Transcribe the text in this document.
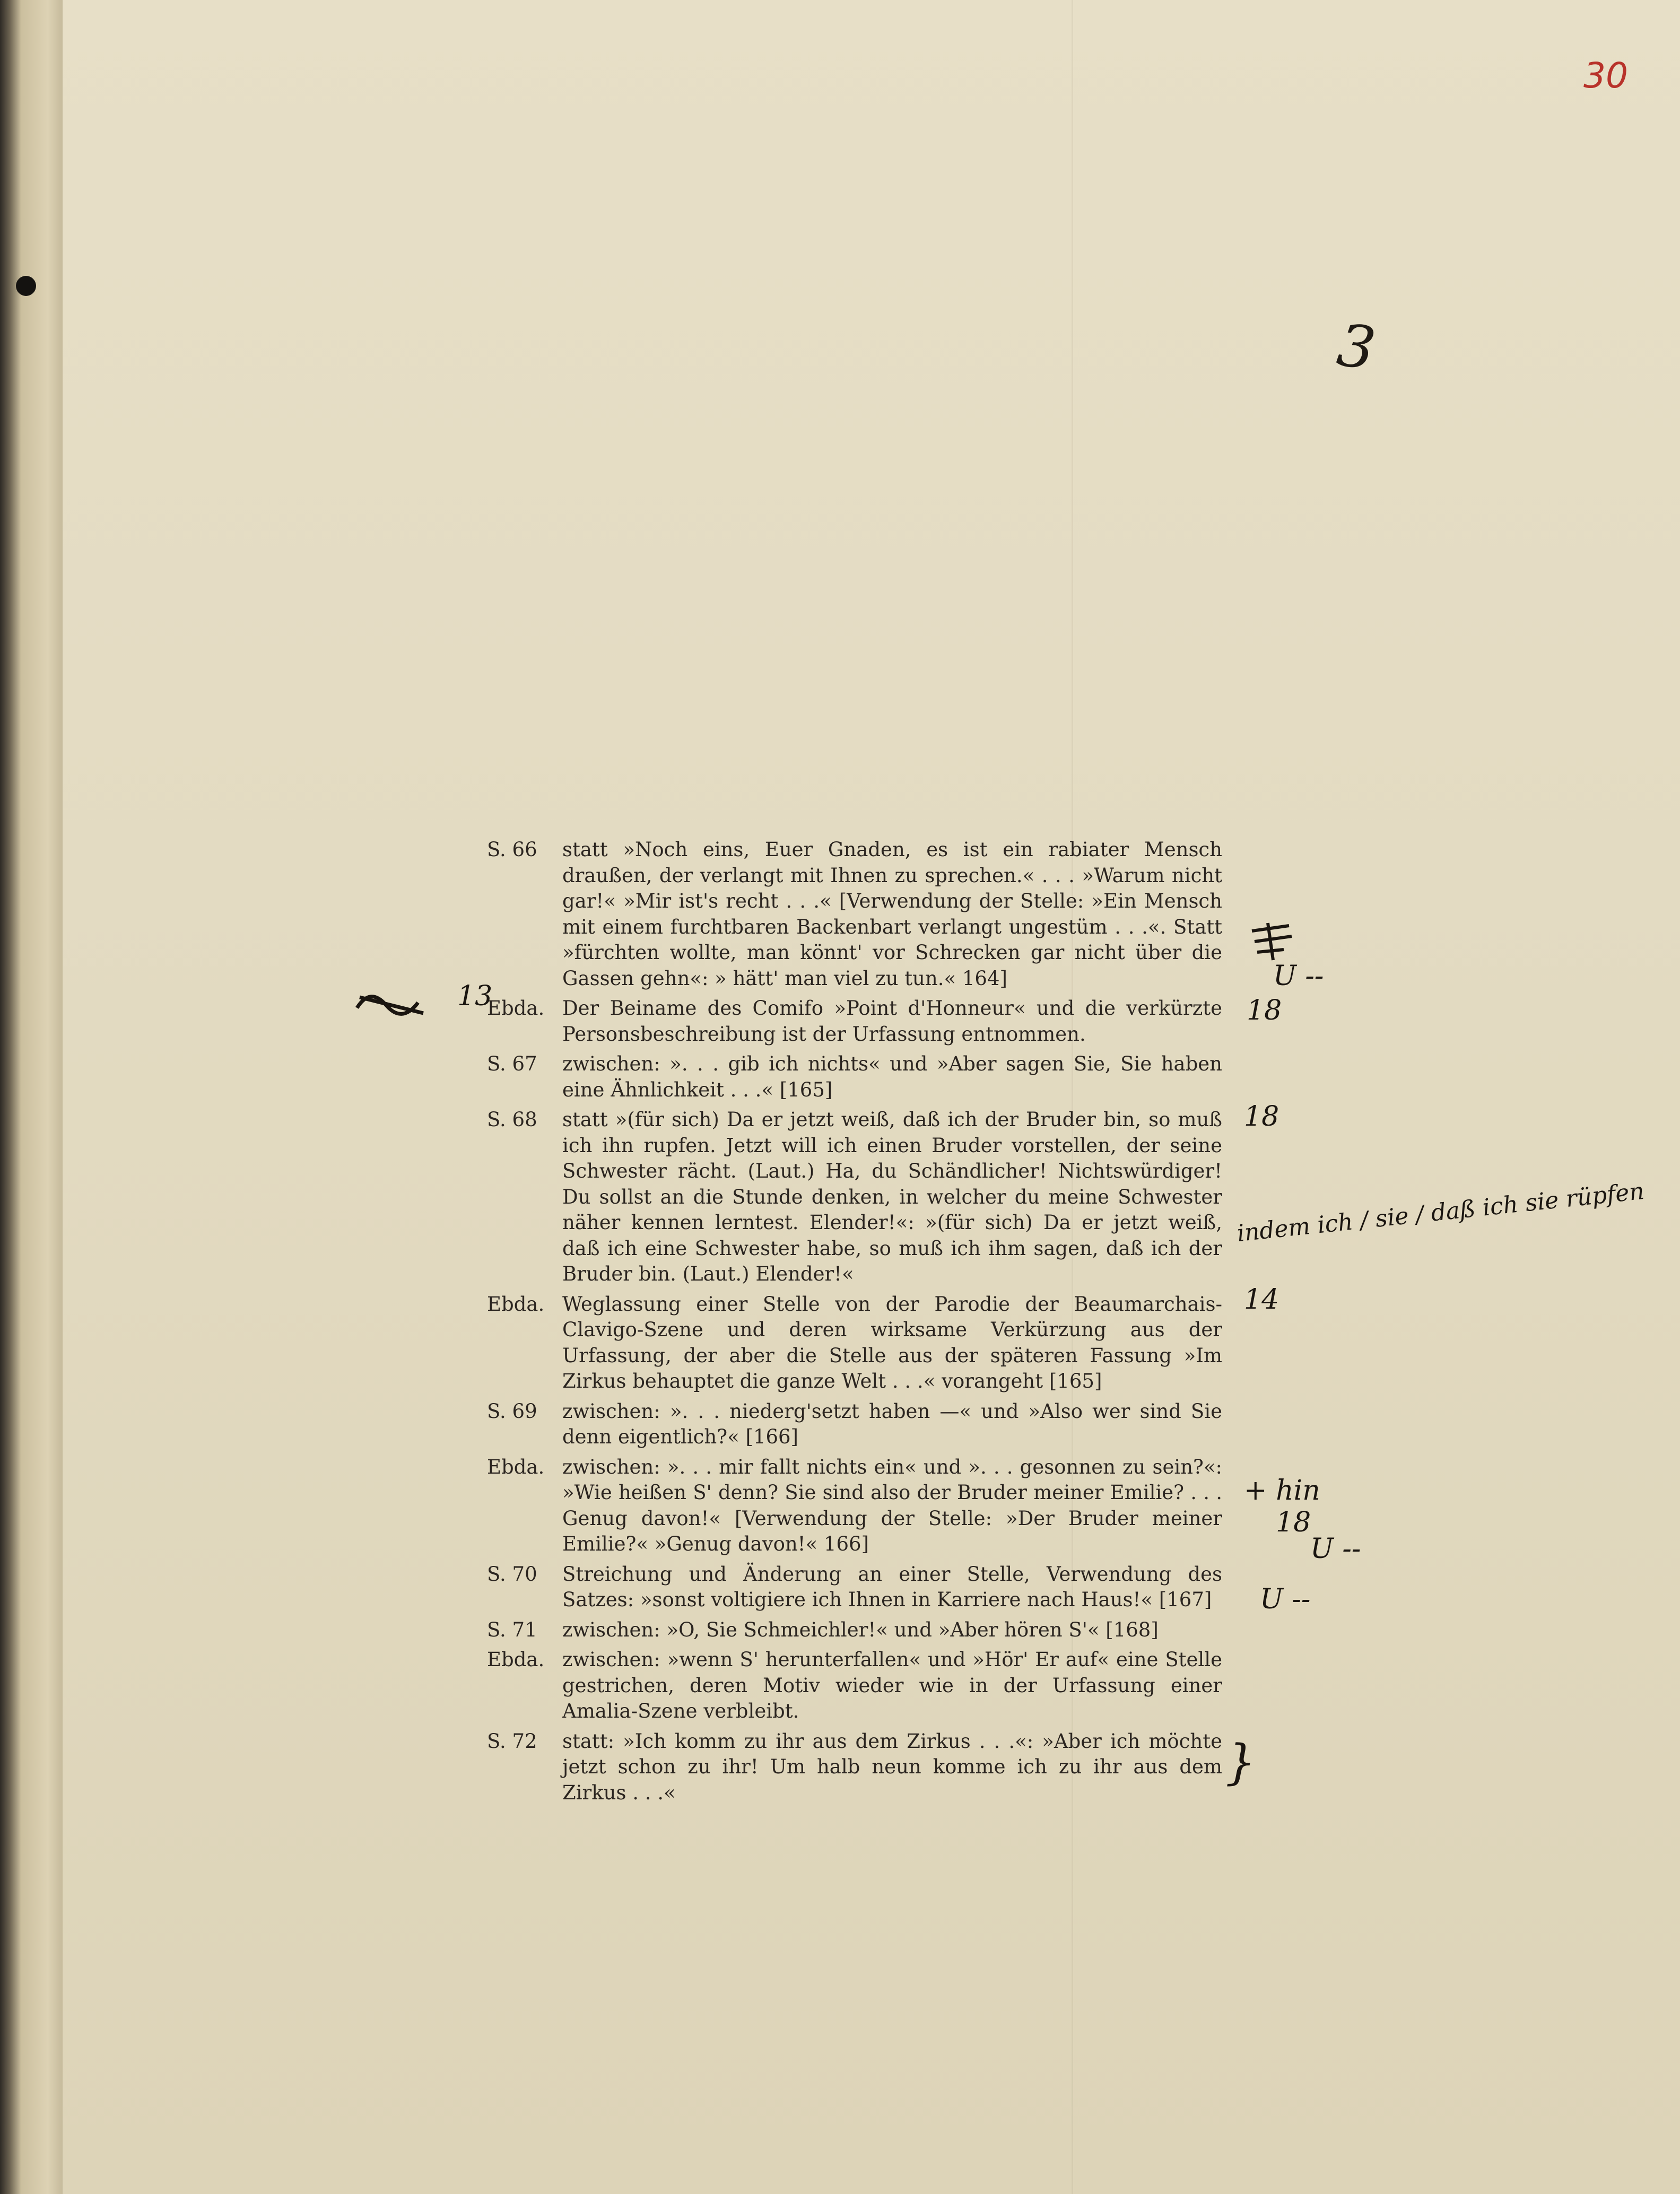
30

3
S. 66	statt »Noch eins, Euer Gnaden, es ist ein rabiater Mensch draußen, der verlangt mit Ihnen zu sprechen.« . . . »Warum nicht gar!« »Mir ist's recht . . .« [Verwendung der Stelle: »Ein Mensch mit einem furchtbaren Backenbart verlangt ungestüm . . .«. Statt »fürchten wollte, man könnt' vor Schrecken gar nicht über die Gassen gehn«: » hätt' man viel zu tun.« 164]
Ebda. Der Beiname des Comifo »Point d'Honneur« und die verkürzte Personsbeschreibung ist der Urfassung entnommen.
S. 67	zwischen: ». . . gib ich nichts« und »Aber sagen Sie, Sie haben eine Ähnlichkeit . . .« [165]
S. 68	statt »(für sich) Da er jetzt weiß, daß ich der Bruder bin, so muß ich ihn rupfen. Jetzt will ich einen Bruder vorstellen, der seine Schwester rächt. (Laut.) Ha, du Schändlicher! Nichtswürdiger! Du sollst an die Stunde denken, in welcher du meine Schwester näher kennen lerntest. Elender!«: »(für sich) Da er jetzt weiß, daß ich eine Schwester habe, so muß ich ihm sagen, daß ich der Bruder bin. (Laut.) Elender!«
Ebda. Weglassung einer Stelle von der Parodie der Beaumarchais-Clavigo-Szene und deren wirksame Verkürzung aus der Urfassung, der aber die Stelle aus der späteren Fassung »Im Zirkus behauptet die ganze Welt . . .« vorangeht [165]
S. 69	zwischen: ». . . niederg'setzt haben —« und »Also wer sind Sie denn eigentlich?« [166]
Ebda. zwischen: ». . . mir fallt nichts ein« und ». . . gesonnen zu sein?«: »Wie heißen S' denn? Sie sind also der Bruder meiner Emilie? . . . Genug davon!« [Verwendung der Stelle: »Der Bruder meiner Emilie?« »Genug davon!« 166]
S. 70	Streichung und Änderung an einer Stelle, Verwendung des Satzes: »sonst voltigiere ich Ihnen in Karriere nach Haus!« [167]
S. 71	zwischen: »O, Sie Schmeichler!« und »Aber hören S'« [168]
Ebda. zwischen: »wenn S' herunterfallen« und »Hör' Er auf« eine Stelle gestrichen, deren Motiv wieder wie in der Urfassung einer Amalia-Szene verbleibt.
S. 72	statt: »Ich komm zu ihr aus dem Zirkus . . .«: »Aber ich möchte jetzt schon zu ihr! Um halb neun komme ich zu ihr aus dem Zirkus . . .«
U --
13	18
18
indem ich / sie / daß ich sie rüpfen
14
+ hin
18
U --
U --
}
